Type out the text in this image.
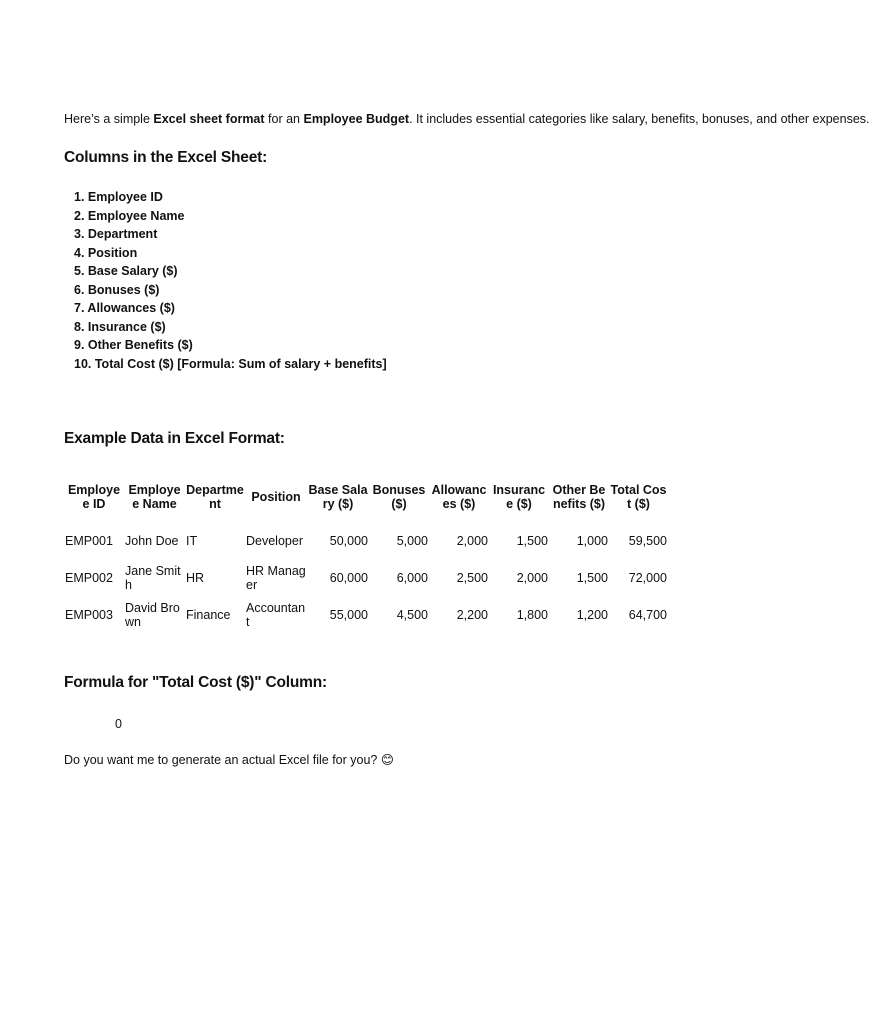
Here’s a simple Excel sheet format for an Employee Budget. It includes essential categories like salary, benefits, bonuses, and other expenses.
Columns in the Excel Sheet:
1. Employee ID
2. Employee Name
3. Department
4. Position
5. Base Salary ($)
6. Bonuses ($)
7. Allowances ($)
8. Insurance ($)
9. Other Benefits ($)
10. Total Cost ($) [Formula: Sum of salary + benefits]
Example Data in Excel Format:
Employee ID	Employee Name	Department	Position	Base Salary ($)	Bonuses ($)	Allowances ($)	Insurance ($)	Other Benefits ($)	Total Cost ($)
EMP001	John Doe	IT	Developer	50,000	5,000	2,000	1,500	1,000	59,500
EMP002	Jane Smith	HR	HR Manager	60,000	6,000	2,500	2,000	1,500	72,000
EMP003	David Brown	Finance	Accountant	55,000	4,500	2,200	1,800	1,200	64,700
Formula for "Total Cost ($)" Column:
0
Do you want me to generate an actual Excel file for you? 😊
